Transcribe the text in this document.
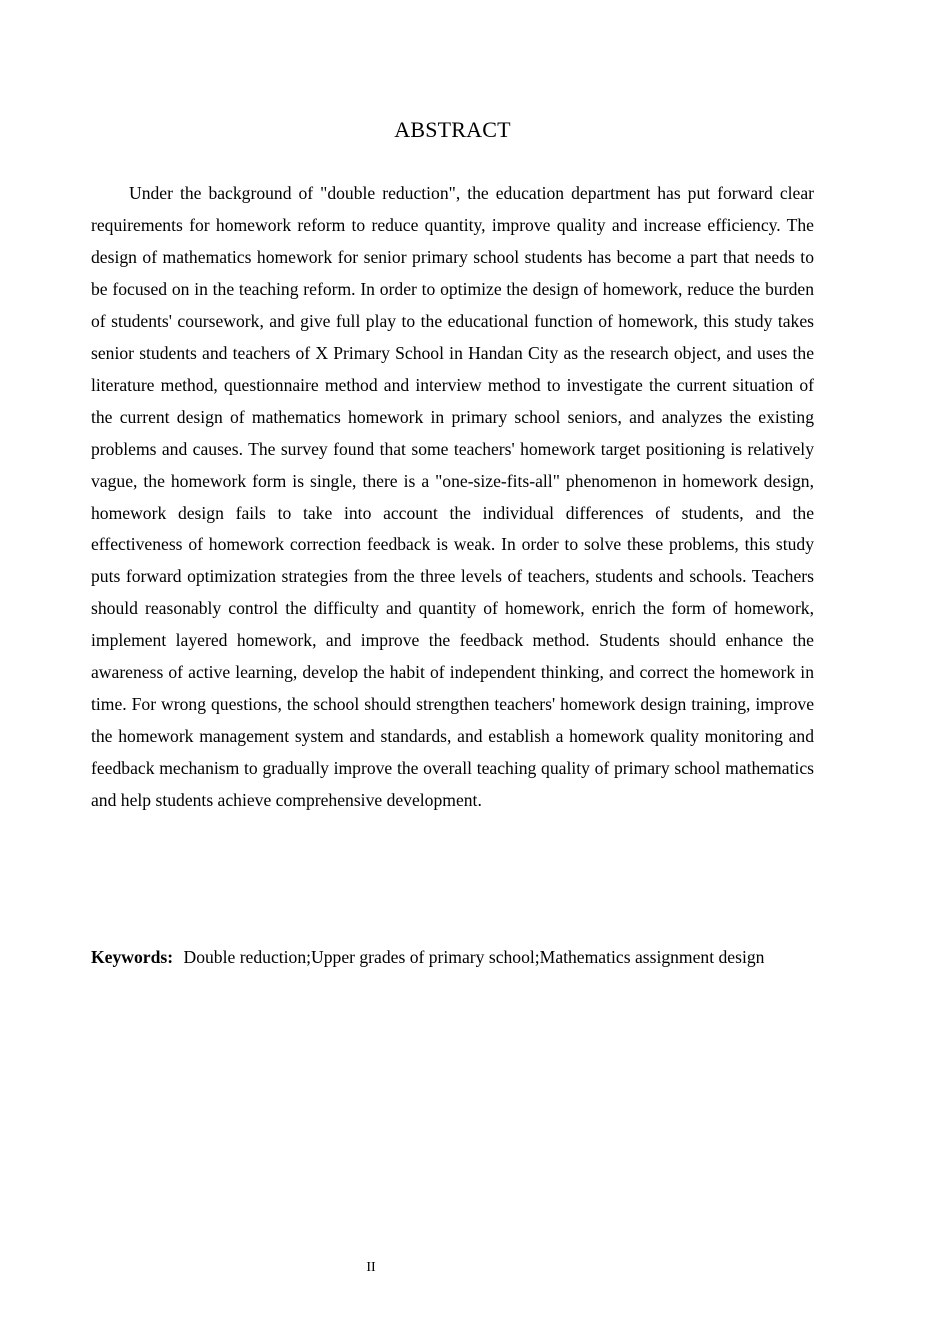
ABSTRACT

Under the background of "double reduction", the education department has put forward clear requirements for homework reform to reduce quantity, improve quality and increase efficiency. The design of mathematics homework for senior primary school students has become a part that needs to be focused on in the teaching reform. In order to optimize the design of homework, reduce the burden of students' coursework, and give full play to the educational function of homework, this study takes senior students and teachers of X Primary School in Handan City as the research object, and uses the literature method, questionnaire method and interview method to investigate the current situation of the current design of mathematics homework in primary school seniors, and analyzes the existing problems and causes. The survey found that some teachers' homework target positioning is relatively vague, the homework form is single, there is a "one-size-fits-all" phenomenon in homework design, homework design fails to take into account the individual differences of students, and the effectiveness of homework correction feedback is weak. In order to solve these problems, this study puts forward optimization strategies from the three levels of teachers, students and schools. Teachers should reasonably control the difficulty and quantity of homework, enrich the form of homework, implement layered homework, and improve the feedback method. Students should enhance the awareness of active learning, develop the habit of independent thinking, and correct the homework in time. For wrong questions, the school should strengthen teachers' homework design training, improve the homework management system and standards, and establish a homework quality monitoring and feedback mechanism to gradually improve the overall teaching quality of primary school mathematics and help students achieve comprehensive development.

Keywords: Double reduction;Upper grades of primary school;Mathematics assignment design

II
